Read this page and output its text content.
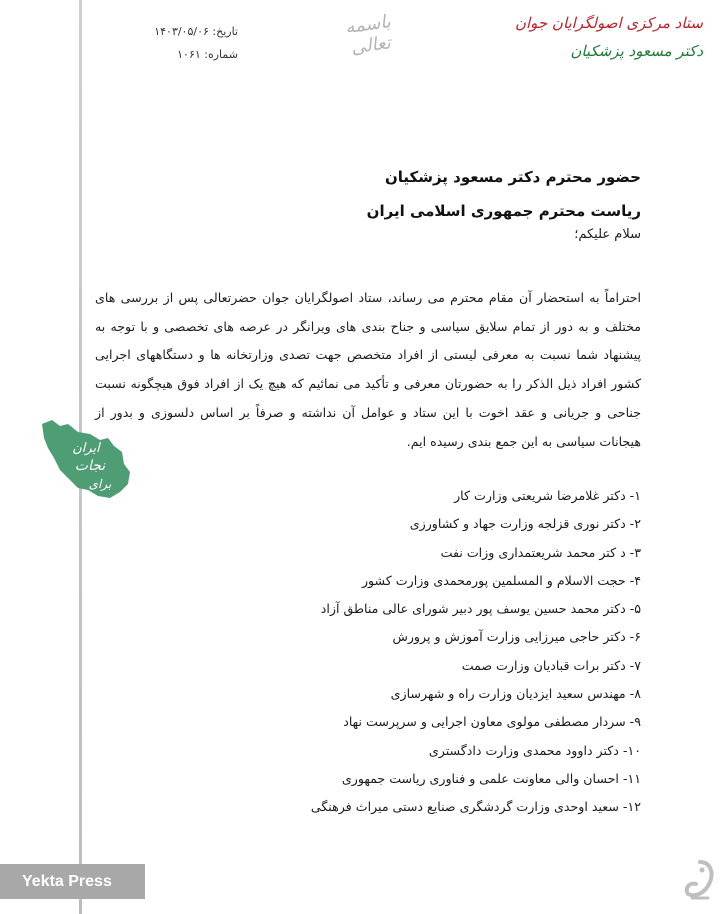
ستاد مرکزی اصولگرایان جوان
دکتر مسعود پزشکیان
باسمه تعالی
تاریخ: ۱۴۰۳/۰۵/۰۶
شماره: ۱۰۶۱
حضور محترم دکتر مسعود پزشکیان
ریاست محترم جمهوری اسلامی ایران
سلام علیکم؛

احتراماً به استحضار آن مقام محترم می رساند، ستاد اصولگرایان جوان حضرتعالی پس از بررسی های مختلف و به دور از تمام سلایق سیاسی و جناح بندی های ویرانگر در عرصه های تخصصی و با توجه به پیشنهاد شما نسبت به معرفی لیستی از افراد متخصص جهت تصدی وزارتخانه ها و دستگاههای اجرایی کشور افراد ذیل الذکر را به حضورتان معرفی و تأکید می نمائیم که هیچ یک از افراد فوق هیچگونه نسبت جناحی و جریانی و عقد اخوت با این ستاد و عوامل آن نداشته و صرفاً بر اساس دلسوزی و بدور از هیجانات سیاسی به این جمع بندی رسیده ایم.

۱- دکتر غلامرضا شریعتی وزارت کار
۲- دکتر نوری قزلجه وزارت جهاد و کشاورزی
۳- د کتر محمد شریعتمداری وزات نفت
۴- حجت الاسلام و المسلمین پورمحمدی وزارت کشور
۵- دکتر محمد حسین یوسف پور دبیر شورای عالی مناطق آزاد
۶- دکتر حاجی میرزایی وزارت آموزش و پرورش
۷- دکتر برات قبادیان وزارت صمت
۸- مهندس سعید ایزدیان وزارت راه و شهرسازی
۹- سردار مصطفی مولوی معاون اجرایی و سرپرست نهاد
۱۰- دکتر داوود محمدی وزارت دادگستری
۱۱- احسان والی معاونت علمی و فناوری ریاست جمهوری
۱۲- سعید اوحدی وزارت گردشگری صنایع دستی میراث فرهنگی
ایران
نجات
برای
Yekta Press
